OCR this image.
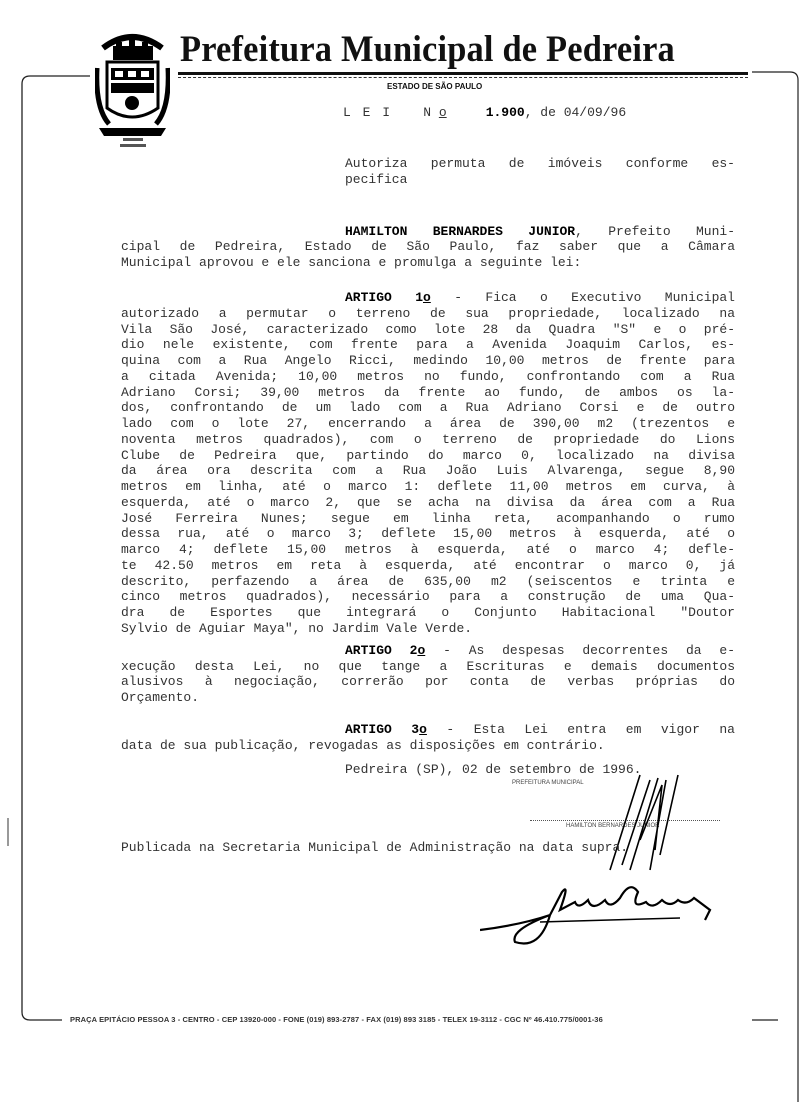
Prefeitura Municipal de Pedreira
ESTADO DE SÃO PAULO
L E I N o	1.900, de 04/09/96
Autoriza permuta de imóveis conforme es-
pecifica
HAMILTON BERNARDES JUNIOR, Prefeito Muni-
cipal de Pedreira, Estado de São Paulo, faz saber que a Câmara
Municipal aprovou e ele sanciona e promulga a seguinte lei:
ARTIGO 1o - Fica o Executivo Municipal
autorizado a permutar o terreno de sua propriedade, localizado na
Vila São José, caracterizado como lote 28 da Quadra "S" e o pré-
dio nele existente, com frente para a Avenida Joaquim Carlos, es-
quina com a Rua Angelo Ricci, medindo 10,00 metros de frente para
a citada Avenida; 10,00 metros no fundo, confrontando com a Rua
Adriano Corsi; 39,00 metros da frente ao fundo, de ambos os la-
dos, confrontando de um lado com a Rua Adriano Corsi e de outro
lado com o lote 27, encerrando a área de 390,00 m2 (trezentos e
noventa metros quadrados), com o terreno de propriedade do Lions
Clube de Pedreira que, partindo do marco 0, localizado na divisa
da área ora descrita com a Rua João Luis Alvarenga, segue 8,90
metros em linha, até o marco 1: deflete 11,00 metros em curva, à
esquerda, até o marco 2, que se acha na divisa da área com a Rua
José Ferreira Nunes; segue em linha reta, acompanhando o rumo
dessa rua, até o marco 3; deflete 15,00 metros à esquerda, até o
marco 4; deflete 15,00 metros à esquerda, até o marco 4; defle-
te 42.50 metros em reta à esquerda, até encontrar o marco 0, já
descrito, perfazendo a área de 635,00 m2 (seiscentos e trinta e
cinco metros quadrados), necessário para a construção de uma Qua-
dra de Esportes que integrará o Conjunto Habitacional "Doutor
Sylvio de Aguiar Maya", no Jardim Vale Verde.
ARTIGO 2o - As despesas decorrentes da e-
xecução desta Lei, no que tange a Escrituras e demais documentos
alusivos à negociação, correrão por conta de verbas próprias do
Orçamento.
ARTIGO 3o - Esta Lei entra em vigor na
data de sua publicação, revogadas as disposições em contrário.
Pedreira (SP), 02 de setembro de 1996.
PREFEITURA MUNICIPAL
HAMILTON BERNARDES JUNIOR
Publicada na Secretaria Municipal de Administração na data supra.
PRAÇA EPITÁCIO PESSOA 3 - CENTRO - CEP 13920-000 - FONE (019) 893-2787 - FAX (019) 893 3185 - TELEX 19-3112 - CGC Nº 46.410.775/0001-36
